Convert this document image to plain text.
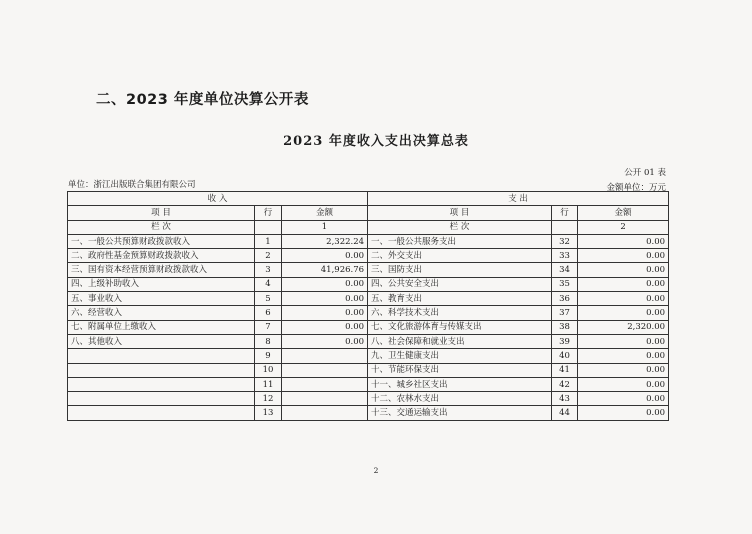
二、2023 年度单位决算公开表
2023 年度收入支出决算总表
公开 01 表
单位：浙江出版联合集团有限公司	金额单位：万元
收 入			支 出		
项 目	行	金额	项 目	行	金额
栏 次		1	栏 次		2
一、一般公共预算财政拨款收入	1	2,322.24	一、一般公共服务支出	32	0.00
二、政府性基金预算财政拨款收入	2	0.00	二、外交支出	33	0.00
三、国有资本经营预算财政拨款收入	3	41,926.76	三、国防支出	34	0.00
四、上级补助收入	4	0.00	四、公共安全支出	35	0.00
五、事业收入	5	0.00	五、教育支出	36	0.00
六、经营收入	6	0.00	六、科学技术支出	37	0.00
七、附属单位上缴收入	7	0.00	七、文化旅游体育与传媒支出	38	2,320.00
八、其他收入	8	0.00	八、社会保障和就业支出	39	0.00
	9		九、卫生健康支出	40	0.00
	10		十、节能环保支出	41	0.00
	11		十一、城乡社区支出	42	0.00
	12		十二、农林水支出	43	0.00
	13		十三、交通运输支出	44	0.00
2
